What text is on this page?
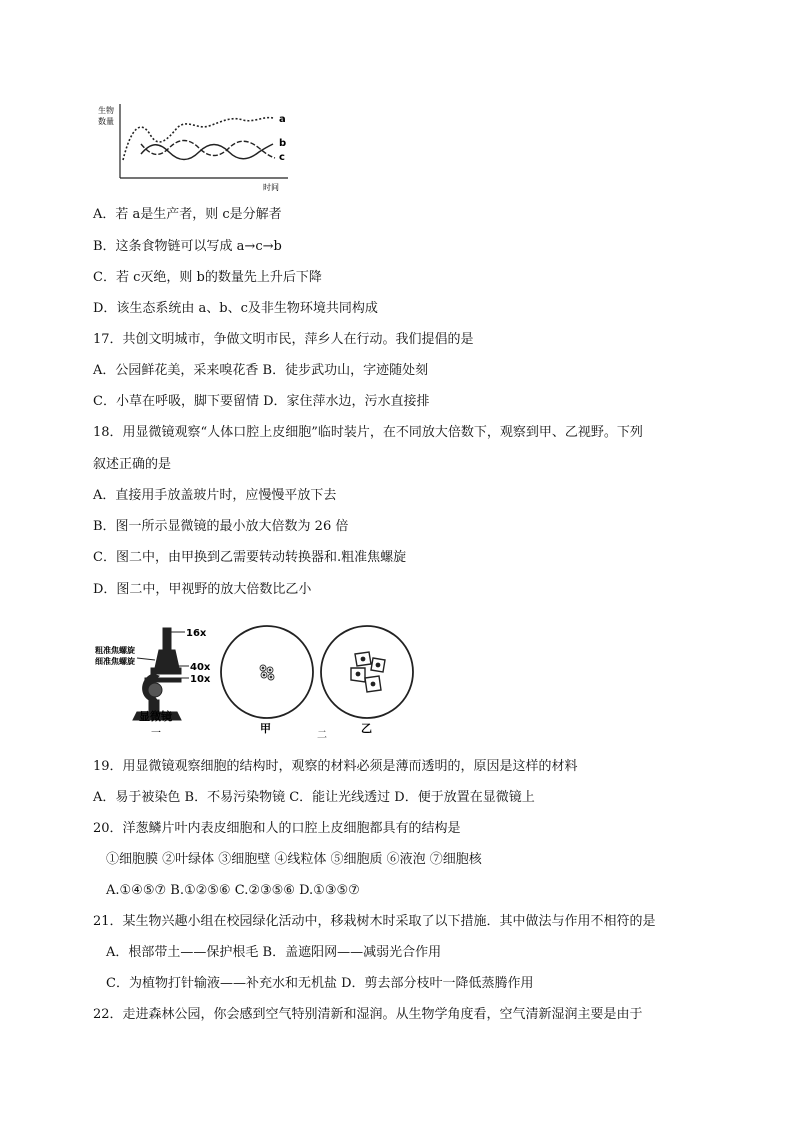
生物
数量
时间
a
b
c
A．若 a是生产者，则 c是分解者
B．这条食物链可以写成 a→c→b
C．若 c灭绝，则 b的数量先上升后下降
D．该生态系统由 a、b、c及非生物环境共同构成
17．共创文明城市，争做文明市民，萍乡人在行动。我们提倡的是
A．公园鲜花美，采来嗅花香 B．徒步武功山，字迹随处刻
C．小草在呼吸，脚下要留情 D．家住萍水边，污水直接排
18．用显微镜观察“人体口腔上皮细胞”临时装片，在不同放大倍数下，观察到甲、乙视野。下列
叙述正确的是
A．直接用手放盖玻片时，应慢慢平放下去
B．图一所示显微镜的最小放大倍数为 26 倍
C．图二中，由甲换到乙需要转动转换器和.粗准焦螺旋
D．图二中，甲视野的放大倍数比乙小
16x
粗准焦螺旋
细准焦螺旋
40x
10x
显微镜
一	甲	乙
二
19．用显微镜观察细胞的结构时，观察的材料必须是薄而透明的，原因是这样的材料
A．易于被染色 B．不易污染物镜 C．能让光线透过 D．便于放置在显微镜上
20．洋葱鳞片叶内表皮细胞和人的口腔上皮细胞都具有的结构是
①细胞膜 ②叶绿体 ③细胞壁 ④线粒体 ⑤细胞质 ⑥液泡 ⑦细胞核
A.①④⑤⑦ B.①②⑤⑥ C.②③⑤⑥ D.①③⑤⑦
21．某生物兴趣小组在校园绿化活动中，移栽树木时采取了以下措施．其中做法与作用不相符的是
A．根部带土——保护根毛 B．盖遮阳网——减弱光合作用
C．为植物打针输液——补充水和无机盐 D．剪去部分枝叶一降低蒸腾作用
22．走进森林公园，你会感到空气特别清新和湿润。从生物学角度看，空气清新湿润主要是由于
